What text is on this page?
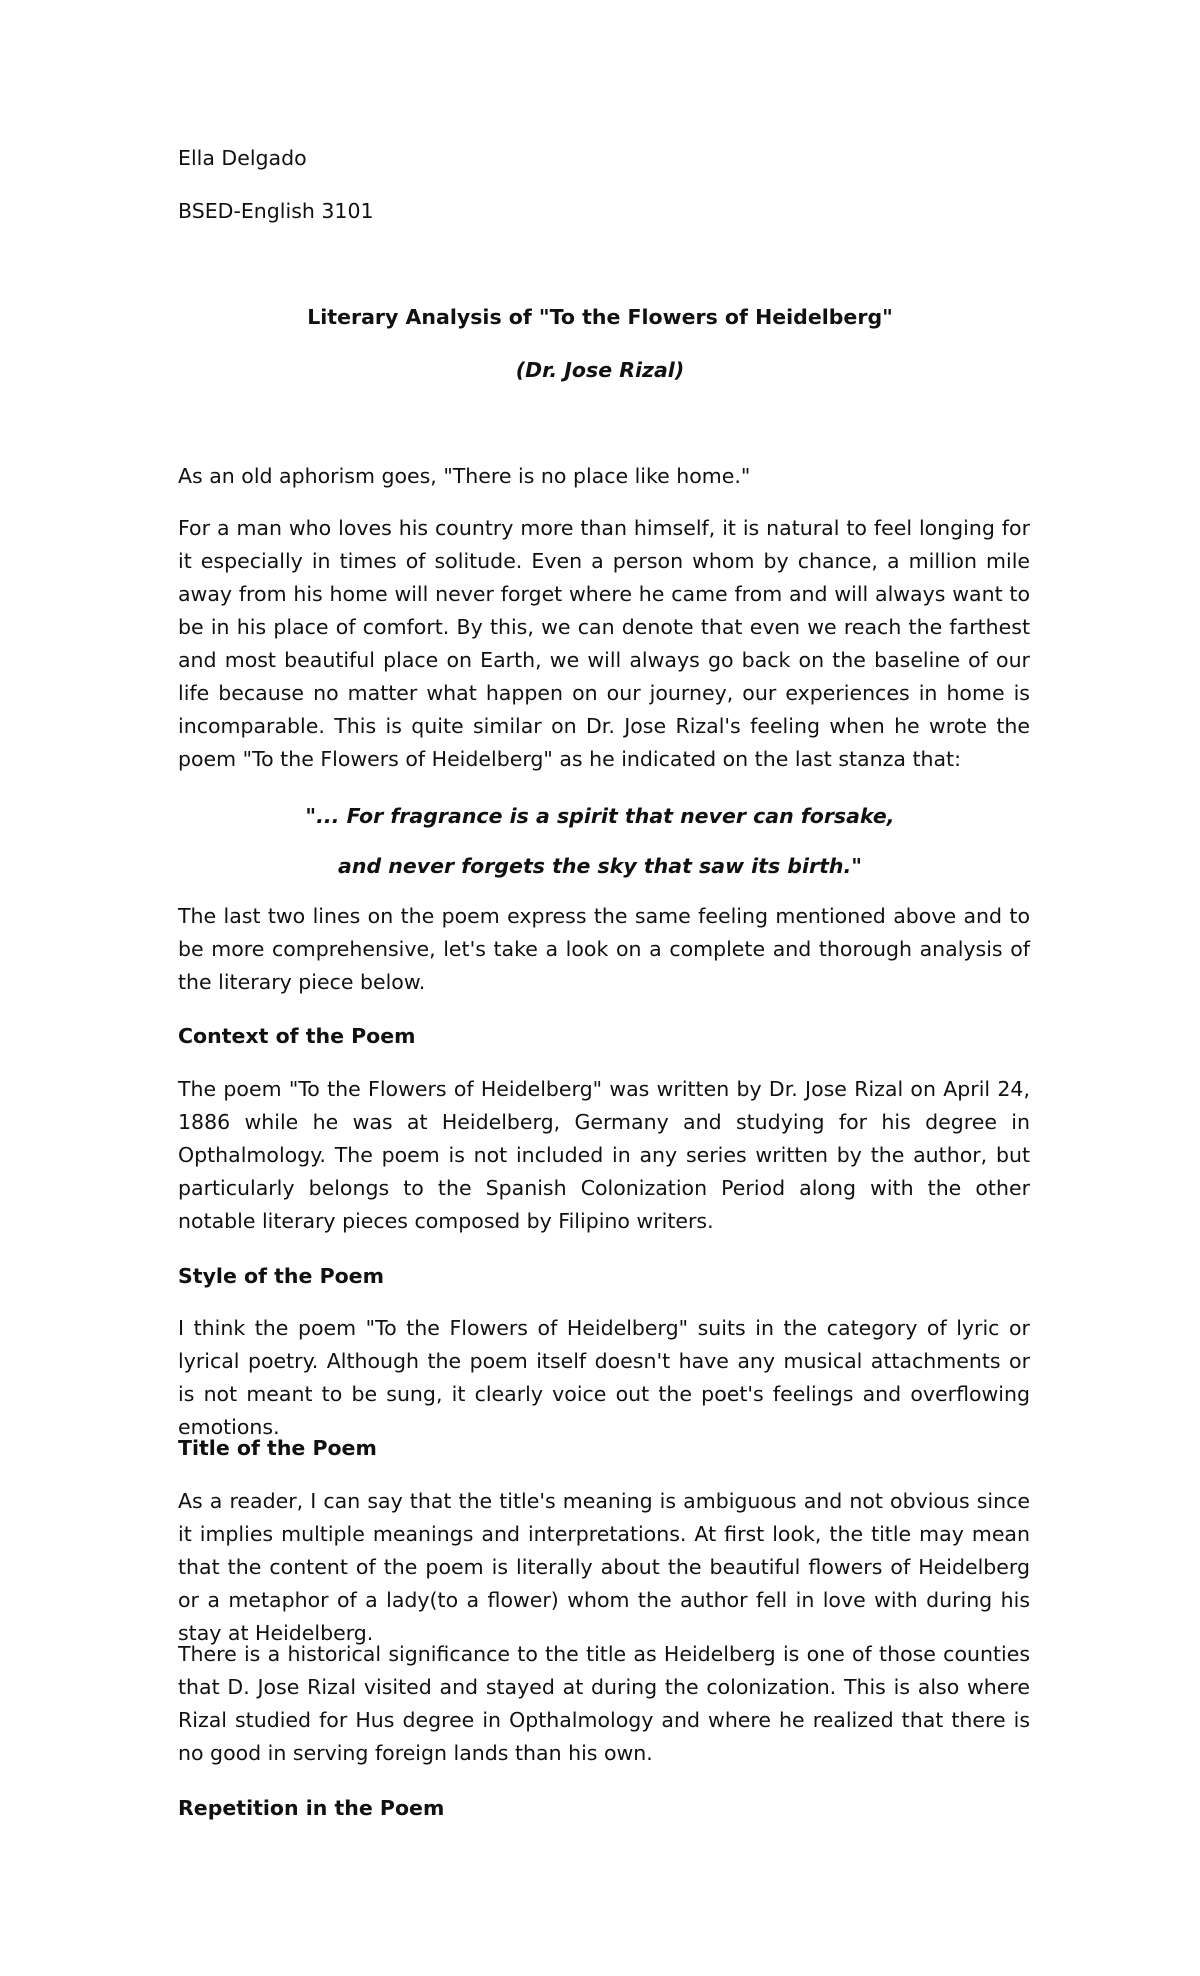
Ella Delgado

BSED-English 3101

Literary Analysis of "To the Flowers of Heidelberg"

(Dr. Jose Rizal)

As an old aphorism goes, "There is no place like home."

For a man who loves his country more than himself, it is natural to feel longing for it especially in times of solitude. Even a person whom by chance, a million mile away from his home will never forget where he came from and will always want to be in his place of comfort. By this, we can denote that even we reach the farthest and most beautiful place on Earth, we will always go back on the baseline of our life because no matter what happen on our journey, our experiences in home is incomparable. This is quite similar on Dr. Jose Rizal's feeling when he wrote the poem "To the Flowers of Heidelberg" as he indicated on the last stanza that:

"... For fragrance is a spirit that never can forsake,

and never forgets the sky that saw its birth."

The last two lines on the poem express the same feeling mentioned above and to be more comprehensive, let's take a look on a complete and thorough analysis of the literary piece below.

Context of the Poem

The poem "To the Flowers of Heidelberg" was written by Dr. Jose Rizal on April 24, 1886 while he was at Heidelberg, Germany and studying for his degree in Opthalmology. The poem is not included in any series written by the author, but particularly belongs to the Spanish Colonization Period along with the other notable literary pieces composed by Filipino writers.

Style of the Poem

I think the poem "To the Flowers of Heidelberg" suits in the category of lyric or lyrical poetry. Although the poem itself doesn't have any musical attachments or is not meant to be sung, it clearly voice out the poet's feelings and overflowing emotions.

Title of the Poem

As a reader, I can say that the title's meaning is ambiguous and not obvious since it implies multiple meanings and interpretations. At first look, the title may mean that the content of the poem is literally about the beautiful flowers of Heidelberg or a metaphor of a lady(to a flower) whom the author fell in love with during his stay at Heidelberg.

There is a historical significance to the title as Heidelberg is one of those counties that D. Jose Rizal visited and stayed at during the colonization. This is also where Rizal studied for Hus degree in Opthalmology and where he realized that there is no good in serving foreign lands than his own.

Repetition in the Poem
